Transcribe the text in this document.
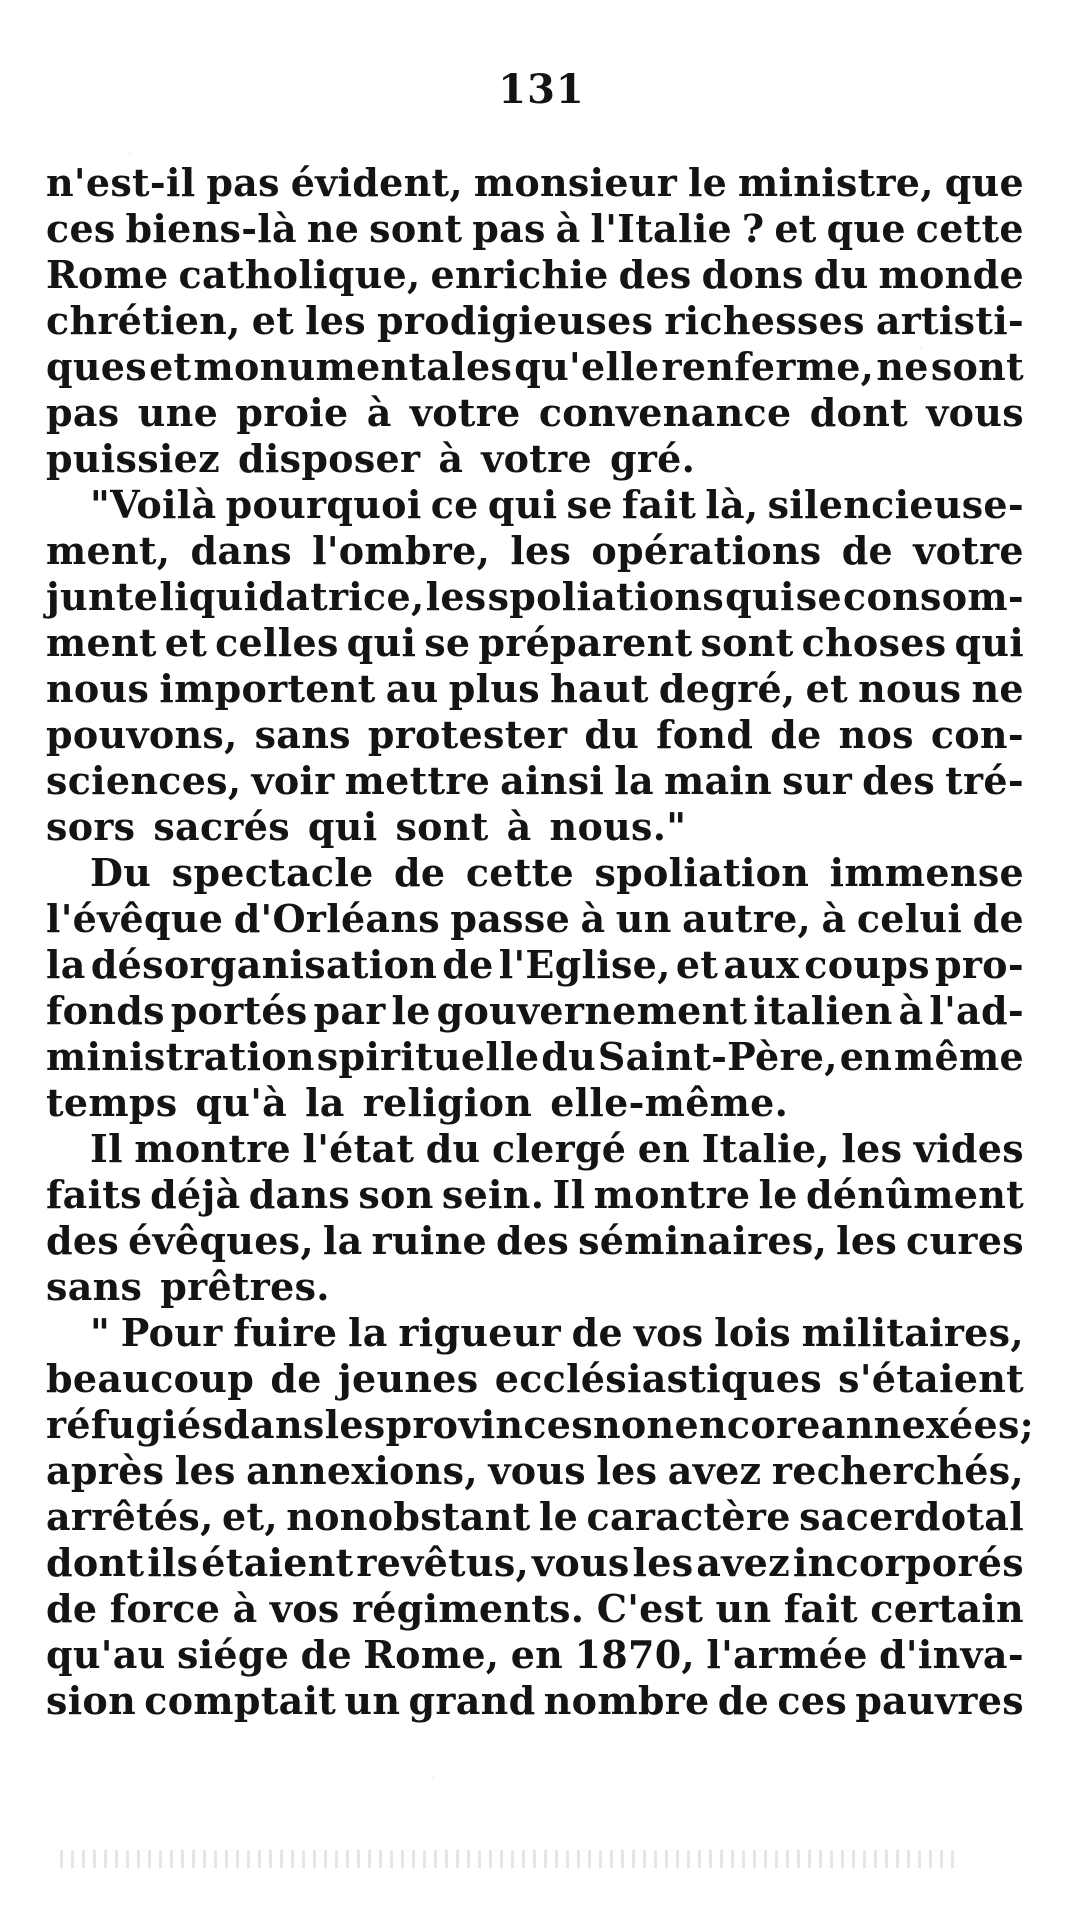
131
n'est-il pas évident, monsieur le ministre, que
ces biens-là ne sont pas à l'Italie ? et que cette
Rome catholique, enrichie des dons du monde
chrétien, et les prodigieuses richesses artisti-
ques et monumentales qu'elle renferme, ne sont
pas une proie à votre convenance dont vous
puissiez disposer à votre gré.
"Voilà pourquoi ce qui se fait là, silencieuse-
ment, dans l'ombre, les opérations de votre
junte liquidatrice, les spoliations qui se consom-
ment et celles qui se préparent sont choses qui
nous importent au plus haut degré, et nous ne
pouvons, sans protester du fond de nos con-
sciences, voir mettre ainsi la main sur des tré-
sors sacrés qui sont à nous."
Du spectacle de cette spoliation immense
l'évêque d'Orléans passe à un autre, à celui de
la désorganisation de l'Eglise, et aux coups pro-
fonds portés par le gouvernement italien à l'ad-
ministration spirituelle du Saint-Père, en même
temps qu'à la religion elle-même.
Il montre l'état du clergé en Italie, les vides
faits déjà dans son sein. Il montre le dénûment
des évêques, la ruine des séminaires, les cures
sans prêtres.
" Pour fuire la rigueur de vos lois militaires,
beaucoup de jeunes ecclésiastiques s'étaient
réfugiés dans les provinces non encore annexées ;
après les annexions, vous les avez recherchés,
arrêtés, et, nonobstant le caractère sacerdotal
dont ils étaient revêtus, vous les avez incorporés
de force à vos régiments. C'est un fait certain
qu'au siége de Rome, en 1870, l'armée d'inva-
sion comptait un grand nombre de ces pauvres
